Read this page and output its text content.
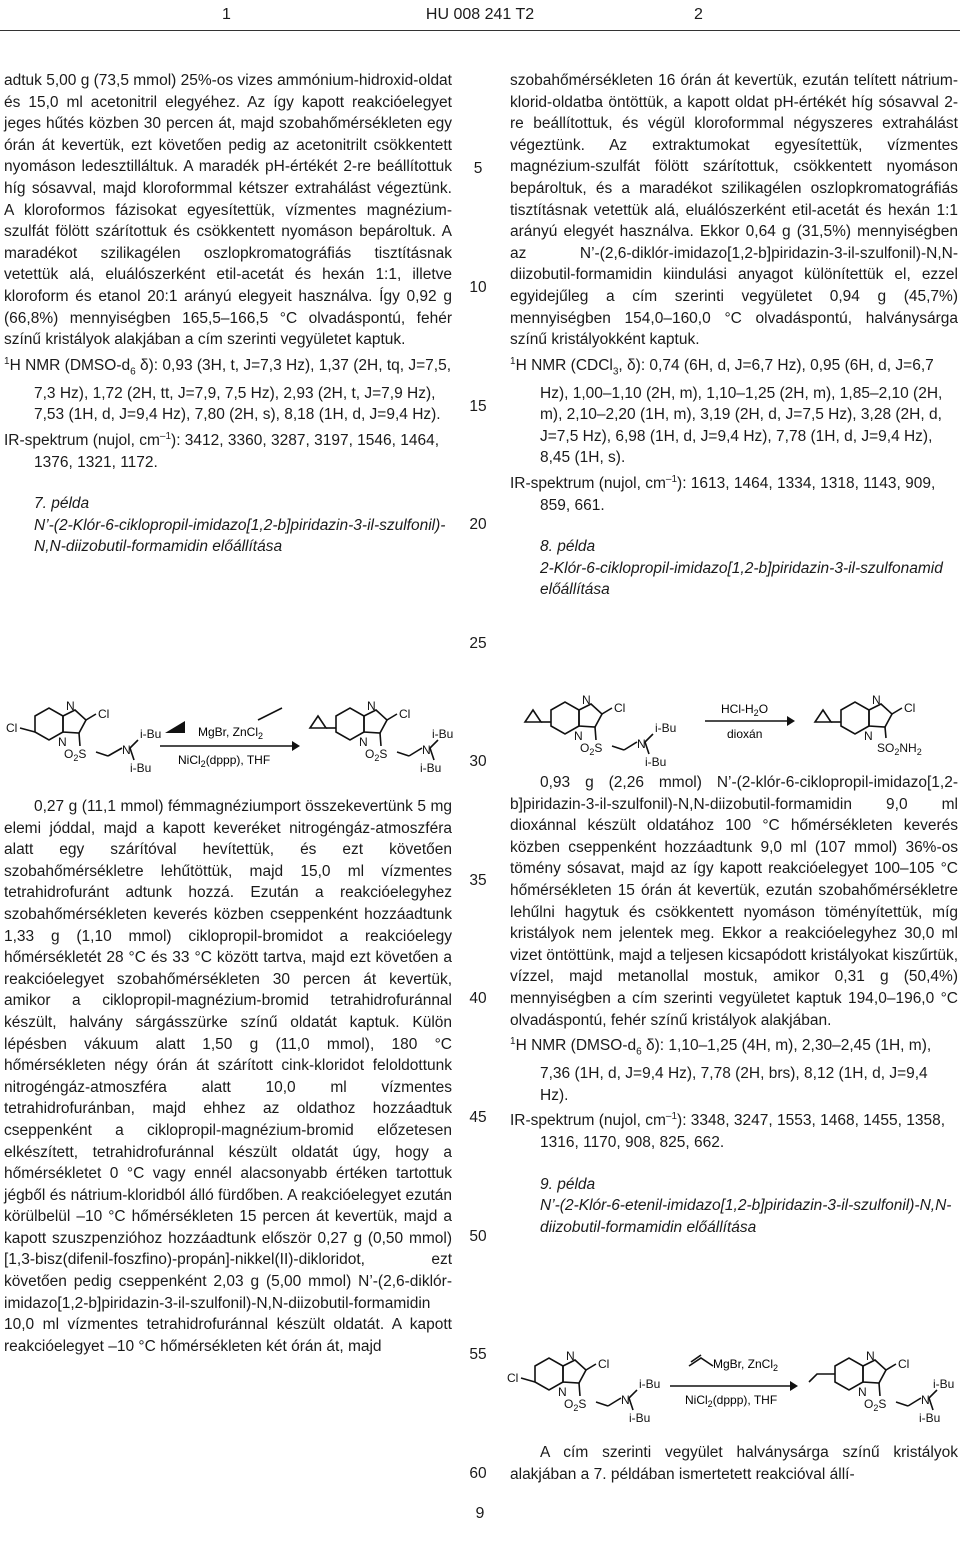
1	HU 008 241 T2	2
5
10
15
20
25
30
35
40
45
50
55
60

adtuk 5,00 g (73,5 mmol) 25%-os vizes ammónium-hidroxid-oldat és 15,0 ml acetonitril elegyéhez. Az így kapott reakcióelegyet jeges hűtés közben 30 percen át, majd szobahőmérsékleten egy órán át kevertük, ezt követően pedig az acetonitrilt csökkentett nyomáson ledesztilláltuk. A maradék pH-értékét 2-re beállítottuk híg sósavval, majd kloroformmal kétszer extrahálást végeztünk. A kloroformos fázisokat egyesítettük, vízmentes magnézium-szulfát fölött szárítottuk és csökkentett nyomáson bepároltuk. A maradékot szilikagélen oszlopkromatográfiás tisztításnak vetettük alá, eluálószerként etil-acetát és hexán 1:1, illetve kloroform és etanol 20:1 arányú elegyeit használva. Így 0,92 g (66,8%) mennyiségben 165,5–166,5 °C olvadáspontú, fehér színű kristályok alakjában a cím szerinti vegyületet kaptuk.

$^1$H NMR ($DMSO-d_6$ δ): 0,93 (3H, t, J=7,3 Hz), 1,37 (2H, tq, J=7,5, 7,3 Hz), 1,72 (2H, tt, J=7,9, 7,5 Hz), 2,93 (2H, t, J=7,9 Hz), 7,53 (1H, d, J=9,4 Hz), 7,80 (2H, s), 8,18 (1H, d, J=9,4 Hz).

IR-spektrum (nujol, $cm^{-1}$): 3412, 3360, 3287, 3197, 1546, 1464, 1376, 1321, 1172.

7. példa

N’-(2-Klór-6-ciklopropil-imidazo[1,2-b]piridazin-3-il-szulfonil)-N,N-diizobutil-formamidin előállítása

MgBr, ZnCl$_2$
NiCl$_2$(dppp), THF
Cl
N
Cl
N
$O_2S$	N
i-Bu
i-Bu
N
Cl
N
$O_2S$	N
i-Bu
i-Bu

0,27 g (11,1 mmol) fémmagnéziumport összekevertünk 5 mg elemi jóddal, majd a kapott keveréket nitrogéngáz-atmoszféra alatt egy szárítóval hevítettük, és ezt követően szobahőmérsékletre lehűtöttük, majd 15,0 ml vízmentes tetrahidrofuránt adtunk hozzá. Ezután a reakcióelegyhez szobahőmérsékleten keverés közben cseppenként hozzáadtunk 1,33 g (1,10 mmol) ciklopropil-bromidot a reakcióelegy hőmérsékletét 28 °C és 33 °C között tartva, majd ezt követően a reakcióelegyet szobahőmérsékleten 30 percen át kevertük, amikor a ciklopropil-magnézium-bromid tetrahidrofuránnal készült, halvány sárgásszürke színű oldatát kaptuk. Külön lépésben vákuum alatt 1,50 g (11,0 mmol), 180 °C hőmérsékleten négy órán át szárított cink-kloridot feloldottunk nitrogéngáz-atmoszféra alatt 10,0 ml vízmentes tetrahidrofuránban, majd ehhez az oldathoz hozzáadtuk cseppenként a ciklopropil-magnézium-bromid előzetesen elkészített, tetrahidrofuránnal készült oldatát úgy, hogy a hőmérsékletet 0 °C vagy ennél alacsonyabb értéken tartottuk jégből és nátrium-kloridból álló fürdőben. A reakcióelegyet ezután körülbelül –10 °C hőmérsékleten 15 percen át kevertük, majd a kapott szuszpenzióhoz hozzáadtunk először 0,27 g (0,50 mmol) [1,3-bisz(difenil-foszfino)-propán]-nikkel(II)-dikloridot, ezt követően pedig cseppenként 2,03 g (5,00 mmol) N’-(2,6-diklór-imidazo[1,2-b]piridazin-3-il-szulfonil)-N,N-diizobutil-formamidin 10,0 ml vízmentes tetrahidrofuránnal készült oldatát. A kapott reakcióelegyet –10 °C hőmérsékleten két órán át, majd

szobahőmérsékleten 16 órán át kevertük, ezután telített nátrium-klorid-oldatba öntöttük, a kapott oldat pH-értékét híg sósavval 2-re beállítottuk, és végül kloroformmal négyszeres extrahálást végeztünk. Az extraktumokat egyesítettük, vízmentes magnézium-szulfát fölött szárítottuk, csökkentett nyomáson bepároltuk, és a maradékot szilikagélen oszlopkromatográfiás tisztításnak vetettük alá, eluálószerként etil-acetát és hexán 1:1 arányú elegyét használva. Ekkor 0,64 g (31,5%) mennyiségben az N’-(2,6-diklór-imidazo[1,2-b]piridazin-3-il-szulfonil)-N,N-diizobutil-formamidin kiindulási anyagot különítettük el, ezzel egyidejűleg a cím szerinti vegyületet 0,94 g (45,7%) mennyiségben 154,0–160,0 °C olvadáspontú, halványsárga színű kristályokként kaptuk.

$^1$H NMR (CDCl$_3$, δ): 0,74 (6H, d, J=6,7 Hz), 0,95 (6H, d, J=6,7 Hz), 1,00–1,10 (2H, m), 1,10–1,25 (2H, m), 1,85–2,10 (2H, m), 2,10–2,20 (1H, m), 3,19 (2H, d, J=7,5 Hz), 3,28 (2H, d, J=7,5 Hz), 6,98 (1H, d, J=9,4 Hz), 7,78 (1H, d, J=9,4 Hz), 8,45 (1H, s).

IR-spektrum (nujol, $cm^{-1}$): 1613, 1464, 1334, 1318, 1143, 909, 859, 661.

8. példa

2-Klór-6-ciklopropil-imidazo[1,2-b]piridazin-3-il-szulfonamid előállítása

HCl-$H_2O$
dioxán
N
Cl
N
$O_2S$	N
i-Bu
i-Bu
N
Cl
N
$SO_2NH_2$

0,93 g (2,26 mmol) N’-(2-klór-6-ciklopropil-imidazo[1,2-b]piridazin-3-il-szulfonil)-N,N-diizobutil-formamidin 9,0 ml dioxánnal készült oldatához 100 °C hőmérsékleten keverés közben cseppenként hozzáadtunk 9,0 ml (107 mmol) 36%-os tömény sósavat, majd az így kapott reakcióelegyet 100–105 °C hőmérsékleten 15 órán át kevertük, ezután szobahőmérsékletre lehűlni hagytuk és csökkentett nyomáson töményítettük, míg kristályok nem jelentek meg. Ekkor a reakcióelegyhez 30,0 ml vizet öntöttünk, majd a teljesen kicsapódott kristályokat kiszűrtük, vízzel, majd metanollal mostuk, amikor 0,31 g (50,4%) mennyiségben a cím szerinti vegyületet kaptuk 194,0–196,0 °C olvadáspontú, fehér színű kristályok alakjában.

$^1$H NMR ($DMSO-d_6$ δ): 1,10–1,25 (4H, m), 2,30–2,45 (1H, m), 7,36 (1H, d, J=9,4 Hz), 7,78 (2H, brs), 8,12 (1H, d, J=9,4 Hz).

IR-spektrum (nujol, $cm^{-1}$): 3348, 3247, 1553, 1468, 1455, 1358, 1316, 1170, 908, 825, 662.

9. példa

N’-(2-Klór-6-etenil-imidazo[1,2-b]piridazin-3-il-szulfonil)-N,N-diizobutil-formamidin előállítása

MgBr, ZnCl$_2$
NiCl$_2$(dppp), THF
Cl
N
Cl
N
$O_2S$	N
i-Bu
i-Bu
N
Cl
N
$O_2S$	N
i-Bu
i-Bu

A cím szerinti vegyület halványsárga színű kristályok alakjában a 7. példában ismertetett reakcióval állí-

9
